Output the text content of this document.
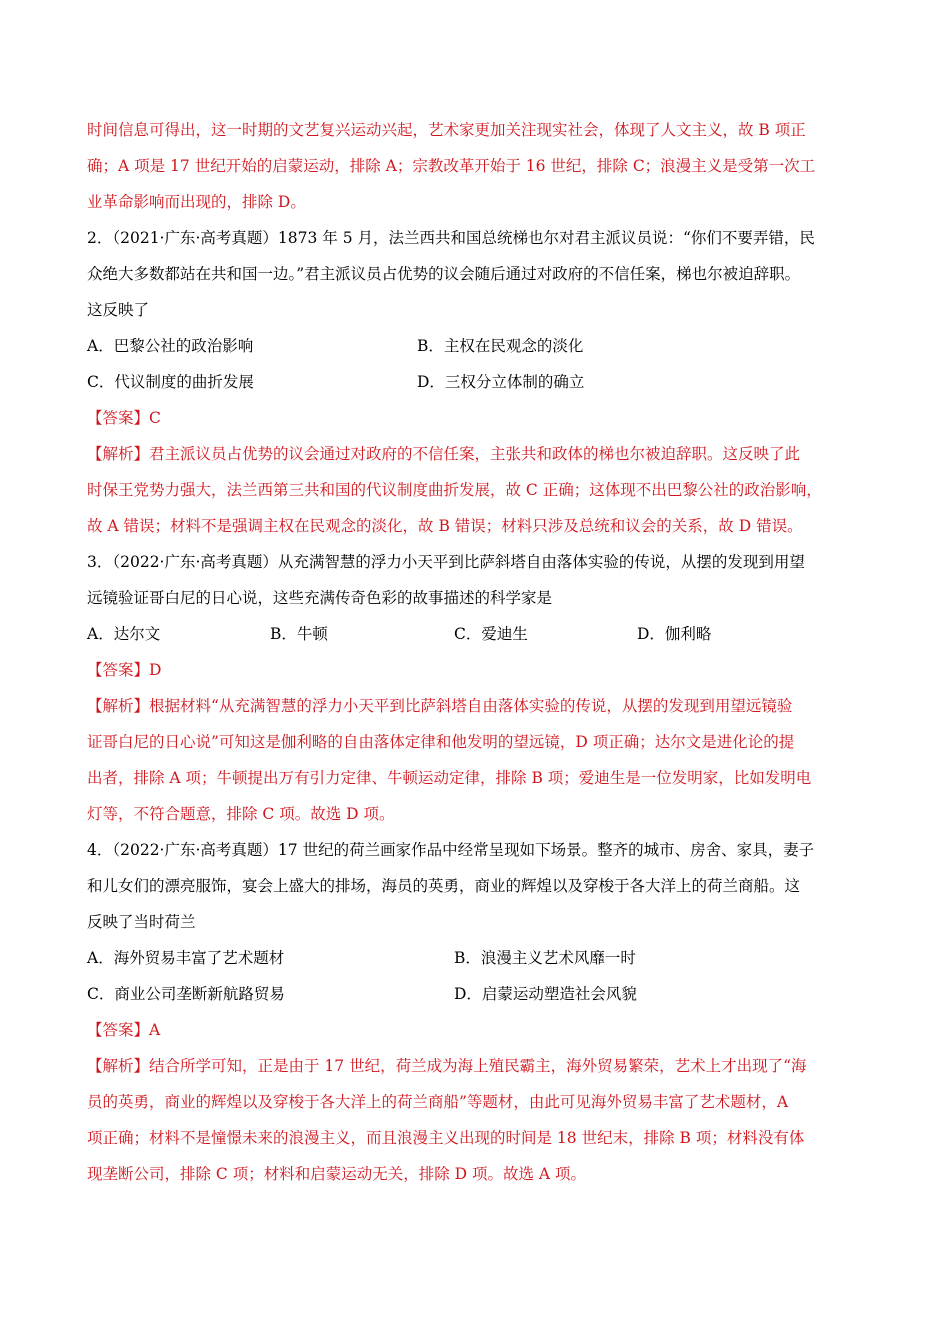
时间信息可得出，这一时期的文艺复兴运动兴起，艺术家更加关注现实社会，体现了人文主义，故 B 项正
确；A 项是 17 世纪开始的启蒙运动，排除 A；宗教改革开始于 16 世纪，排除 C；浪漫主义是受第一次工
业革命影响而出现的，排除 D。
2．（2021·广东·高考真题）1873 年 5 月，法兰西共和国总统梯也尔对君主派议员说：“你们不要弄错，民
众绝大多数都站在共和国一边。”君主派议员占优势的议会随后通过对政府的不信任案，梯也尔被迫辞职。
这反映了
A．巴黎公社的政治影响	B．主权在民观念的淡化
C．代议制度的曲折发展	D．三权分立体制的确立
【答案】C
【解析】君主派议员占优势的议会通过对政府的不信任案，主张共和政体的梯也尔被迫辞职。这反映了此
时保王党势力强大，法兰西第三共和国的代议制度曲折发展，故 C 正确；这体现不出巴黎公社的政治影响，
故 A 错误；材料不是强调主权在民观念的淡化，故 B 错误；材料只涉及总统和议会的关系，故 D 错误。
3．（2022·广东·高考真题）从充满智慧的浮力小天平到比萨斜塔自由落体实验的传说，从摆的发现到用望
远镜验证哥白尼的日心说，这些充满传奇色彩的故事描述的科学家是
A．达尔文	B．牛顿	C．爱迪生	D．伽利略
【答案】D
【解析】根据材料“从充满智慧的浮力小天平到比萨斜塔自由落体实验的传说，从摆的发现到用望远镜验
证哥白尼的日心说”可知这是伽利略的自由落体定律和他发明的望远镜，D 项正确；达尔文是进化论的提
出者，排除 A 项；牛顿提出万有引力定律、牛顿运动定律，排除 B 项；爱迪生是一位发明家，比如发明电
灯等，不符合题意，排除 C 项。故选 D 项。
4．（2022·广东·高考真题）17 世纪的荷兰画家作品中经常呈现如下场景。整齐的城市、房舍、家具，妻子
和儿女们的漂亮服饰，宴会上盛大的排场，海员的英勇，商业的辉煌以及穿梭于各大洋上的荷兰商船。这
反映了当时荷兰
A．海外贸易丰富了艺术题材	B．浪漫主义艺术风靡一时
C．商业公司垄断新航路贸易	D．启蒙运动塑造社会风貌
【答案】A
【解析】结合所学可知，正是由于 17 世纪，荷兰成为海上殖民霸主，海外贸易繁荣，艺术上才出现了“海
员的英勇，商业的辉煌以及穿梭于各大洋上的荷兰商船”等题材，由此可见海外贸易丰富了艺术题材，A
项正确；材料不是憧憬未来的浪漫主义，而且浪漫主义出现的时间是 18 世纪末，排除 B 项；材料没有体
现垄断公司，排除 C 项；材料和启蒙运动无关，排除 D 项。故选 A 项。
